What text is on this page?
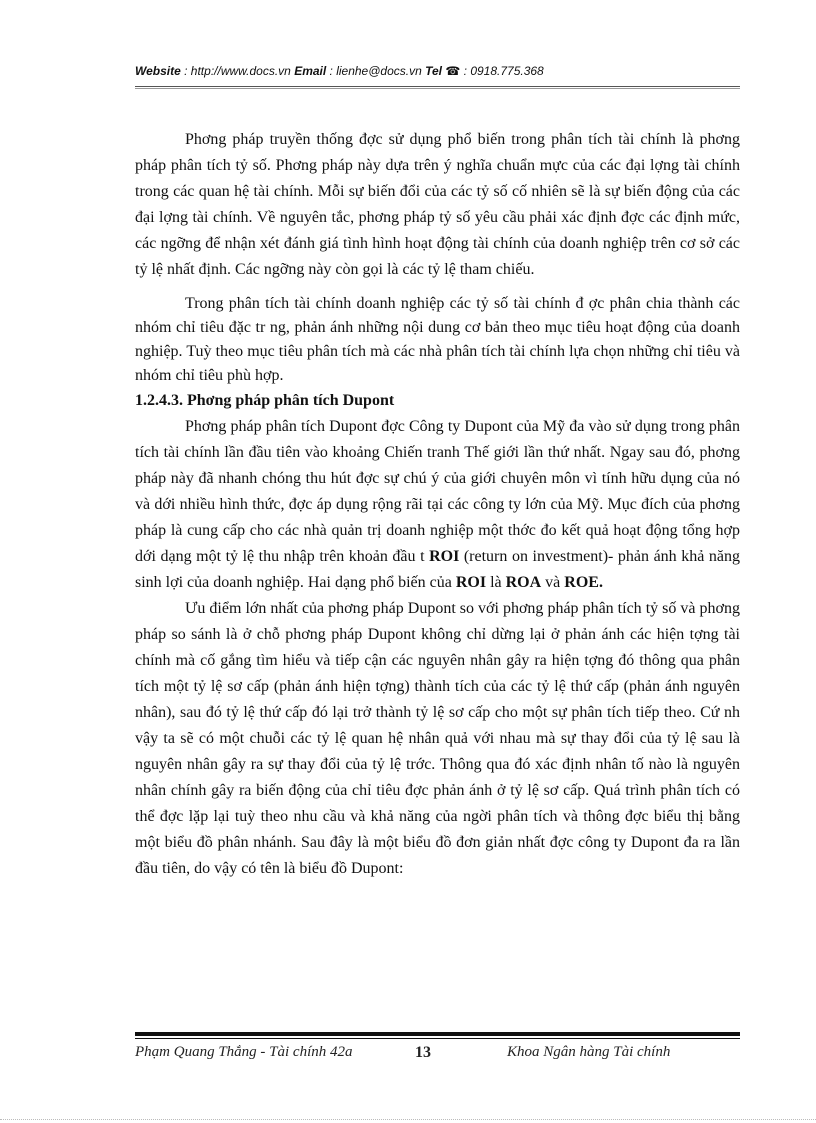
Website : http://www.docs.vn Email : lienhe@docs.vn Tel ☎ : 0918.775.368

Phơng pháp truyền thống đợc sử dụng phổ biến trong phân tích tài chính là phơng pháp phân tích tỷ số. Phơng pháp này dựa trên ý nghĩa chuẩn mực của các đại lợng tài chính trong các quan hệ tài chính. Mỗi sự biến đổi của các tỷ số cố nhiên sẽ là sự biến động của các đại lợng tài chính. Về nguyên tắc, phơng pháp tỷ số yêu cầu phải xác định đợc các định mức, các ngỡng để nhận xét đánh giá tình hình hoạt động tài chính của doanh nghiệp trên cơ sở các tỷ lệ nhất định. Các ngỡng này còn gọi là các tỷ lệ tham chiếu.

Trong phân tích tài chính doanh nghiệp các tỷ số tài chính đ ợc phân chia thành các nhóm chỉ tiêu đặc tr ng, phản ánh những nội dung cơ bản theo mục tiêu hoạt động của doanh nghiệp. Tuỳ theo mục tiêu phân tích mà các nhà phân tích tài chính lựa chọn những chỉ tiêu và nhóm chỉ tiêu phù hợp.

1.2.4.3. Phơng pháp phân tích Dupont

Phơng pháp phân tích Dupont đợc Công ty Dupont của Mỹ đa vào sử dụng trong phân tích tài chính lần đầu tiên vào khoảng Chiến tranh Thế giới lần thứ nhất. Ngay sau đó, phơng pháp này đã nhanh chóng thu hút đợc sự chú ý của giới chuyên môn vì tính hữu dụng của nó và dới nhiều hình thức, đợc áp dụng rộng rãi tại các công ty lớn của Mỹ. Mục đích của phơng pháp là cung cấp cho các nhà quản trị doanh nghiệp một thớc đo kết quả hoạt động tổng hợp dới dạng một tỷ lệ thu nhập trên khoản đầu t ROI (return on investment)- phản ánh khả năng sinh lợi của doanh nghiệp. Hai dạng phổ biến của ROI là ROA và ROE.

Ưu điểm lớn nhất của phơng pháp Dupont so với phơng pháp phân tích tỷ số và phơng pháp so sánh là ở chỗ phơng pháp Dupont không chỉ dừng lại ở phản ánh các hiện tợng tài chính mà cố gắng tìm hiểu và tiếp cận các nguyên nhân gây ra hiện tợng đó thông qua phân tích một tỷ lệ sơ cấp (phản ánh hiện tợng) thành tích của các tỷ lệ thứ cấp (phản ánh nguyên nhân), sau đó tỷ lệ thứ cấp đó lại trở thành tỷ lệ sơ cấp cho một sự phân tích tiếp theo. Cứ nh vậy ta sẽ có một chuỗi các tỷ lệ quan hệ nhân quả với nhau mà sự thay đổi của tỷ lệ sau là nguyên nhân gây ra sự thay đổi của tỷ lệ trớc. Thông qua đó xác định nhân tố nào là nguyên nhân chính gây ra biến động của chỉ tiêu đợc phản ánh ở tỷ lệ sơ cấp. Quá trình phân tích có thể đợc lặp lại tuỳ theo nhu cầu và khả năng của ngời phân tích và thông đợc biểu thị bằng một biểu đồ phân nhánh. Sau đây là một biểu đồ đơn giản nhất đợc công ty Dupont đa ra lần đầu tiên, do vậy có tên là biểu đồ Dupont:

Phạm Quang Thắng - Tài chính 42a	13	Khoa Ngân hàng Tài chính
